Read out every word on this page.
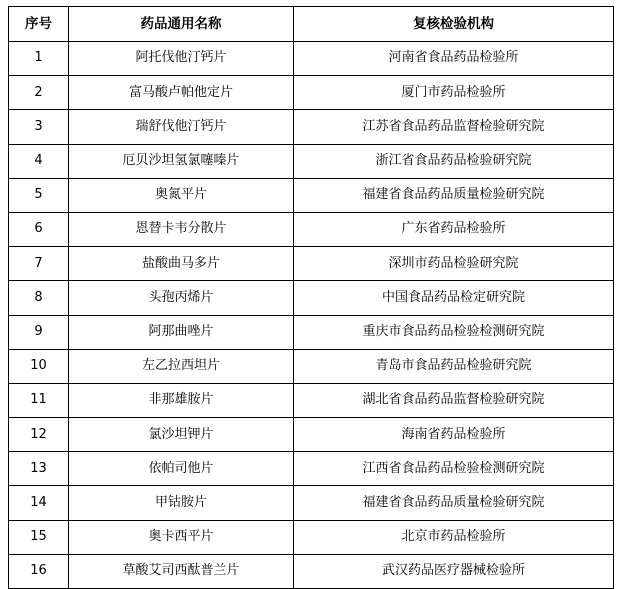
序号	药品通用名称	复核检验机构
1	阿托伐他汀钙片	河南省食品药品检验所
2	富马酸卢帕他定片	厦门市药品检验所
3	瑞舒伐他汀钙片	江苏省食品药品监督检验研究院
4	厄贝沙坦氢氯噻嗪片	浙江省食品药品检验研究院
5	奥氮平片	福建省食品药品质量检验研究院
6	恩替卡韦分散片	广东省药品检验所
7	盐酸曲马多片	深圳市药品检验研究院
8	头孢丙烯片	中国食品药品检定研究院
9	阿那曲唑片	重庆市食品药品检验检测研究院
10	左乙拉西坦片	青岛市食品药品检验研究院
11	非那雄胺片	湖北省食品药品监督检验研究院
12	氯沙坦钾片	海南省药品检验所
13	依帕司他片	江西省食品药品检验检测研究院
14	甲钴胺片	福建省食品药品质量检验研究院
15	奥卡西平片	北京市药品检验所
16	草酸艾司西酞普兰片	武汉药品医疗器械检验所
